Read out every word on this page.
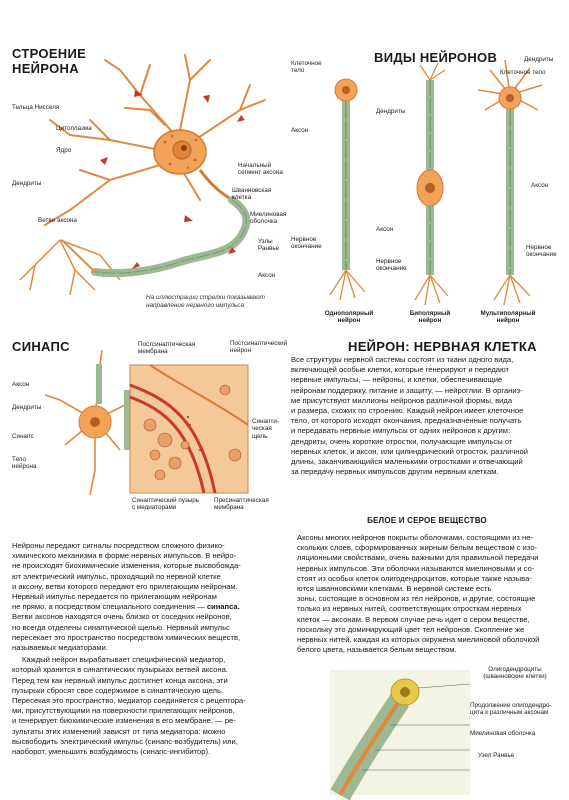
СТРОЕНИЕ
НЕЙРОНА
Тельца Нисселя
Цитоплазма
Ядро
Дендриты
Ветви аксона
Начальный
сегмент аксона
Шванновская
клетка
Миелиновая
оболочка
Узлы
Ранвье
Аксон
На иллюстрации стрелки показывают
направление нервного импульса
ВИДЫ НЕЙРОНОВ
Клеточное
тело
Аксон
Нервное
окончание
Дендриты
Аксон
Нервное
окончание
Дендриты
Клеточное тело
Аксон
Нервное
окончание
Однополярный
нейрон
Биполярный
нейрон
Мультиполярный
нейрон
СИНАПС
Аксон
Дендриты
Синапс
Тело
нейрона
Постсинаптическая
мембрана
Постсинаптический нейрон
Синапти-
ческая
щель
Синаптический пузырь
с медиаторами
Пресинаптическая
мембрана
НЕЙРОН: НЕРВНАЯ КЛЕТКА
Все структуры нервной системы состоят из ткани одного вида,
включающей особые клетки, которые генерируют и передают
нервные импульсы, — нейроны, и клетки, обеспечивающие
нейронам поддержку, питание и защиту, — нейроглии. В организ-
ме присутствуют миллионы нейронов различной формы, вида
и размера, схожих по строению. Каждый нейрон имеет клеточное
тело, от которого исходят окончания, предназначенные получать
и передавать нервные импульсы от одних нейронов к другим:
дендриты, очень короткие отростки, получающие импульсы от
нервных клеток, и аксон, или цилиндрический отросток, различной
длины, заканчивающийся маленькими отростками и отвечающий
за передачу нервных импульсов другим нервным клеткам.
Нейроны передают сигналы посредством сложного физико-
химического механизма в форме нервных импульсов. В нейро-
не происходят биохимические изменения, которые высвобожда-
ют электрический импульс, проходящий по нервной клетке
и аксону, ветви которого передают его прилегающим нейронам.
Нервный импульс передается по прилегающим нейронам
не прямо, а посредством специального соединения — синапса.
Ветви аксонов находятся очень близко от соседних нейронов,
но всегда отделены синаптической щелью. Нервный импульс
пересекает это пространство посредством химических веществ,
называемых медиаторами.
Каждый нейрон вырабатывает специфический медиатор,
который хранится в синаптических пузырьках ветвей аксона.
Перед тем как нервный импульс достигнет конца аксона, эти
пузырьки сбросят свое содержимое в синаптическую щель.
Пересекая это пространство, медиатор соединяется с рецептора-
ми, присутствующими на поверхности прилегающих нейронов,
и генерирует биохимические изменения в его мембране, — ре-
зультаты этих изменений зависят от типа медиатора: можно
высвободить электрический импульс (синапс-возбудитель) или,
наоборот, уменьшить возбудимость (синапс-ингибитор).
БЕЛОЕ И СЕРОЕ ВЕЩЕСТВО
Аксоны многих нейронов покрыты оболочками, состоящими из не-
скольких слоев, сформированных жирным белым веществом с изо-
ляционными свойствами, очень важными для правильной передачи
нервных импульсов. Эти оболочки называются миелиновыми и со-
стоят из особых клеток олигодендроцитов, которые также называ-
ются шванновскими клетками. В нервной системе есть
зоны, состоящие в основном из тел нейронов, и другие, состоящие
только из нервных нитей, соответствующих отросткам нервных
клеток — аксонам. В первом случае речь идет о сером веществе,
поскольку это доминирующий цвет тел нейронов. Скопление же
нервных нитей, каждая из которых окружена миелиновой оболочкой
белого цвета, называется белым веществом.
Олигодендроциты
(шванновские клетки)
Продолжение олигодендро-
цита к различным аксонам
Миелиновая оболочка
Узел Ранвье
